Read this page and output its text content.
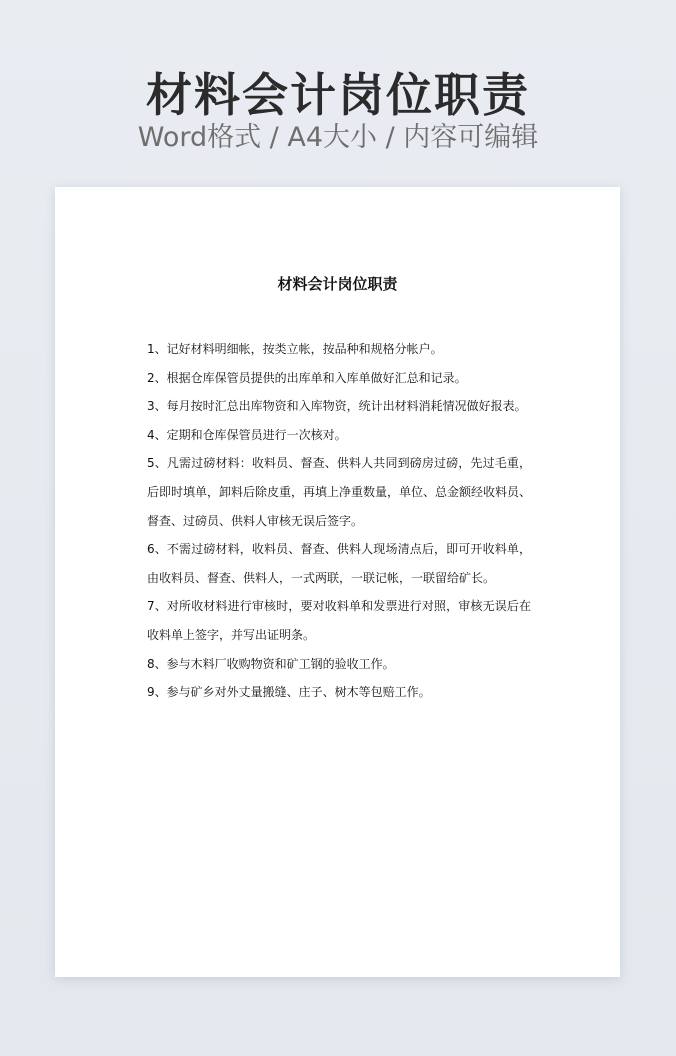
材料会计岗位职责
Word格式 / A4大小 / 内容可编辑
材料会计岗位职责
1、记好材料明细帐，按类立帐，按品种和规格分帐户。
2、根据仓库保管员提供的出库单和入库单做好汇总和记录。
3、每月按时汇总出库物资和入库物资，统计出材料消耗情况做好报表。
4、定期和仓库保管员进行一次核对。
5、凡需过磅材料：收料员、督查、供料人共同到磅房过磅，先过毛重，后即时填单，卸料后除皮重，再填上净重数量，单位、总金额经收料员、督查、过磅员、供料人审核无误后签字。
6、不需过磅材料，收料员、督查、供料人现场清点后，即可开收料单，由收料员、督查、供料人，一式两联，一联记帐，一联留给矿长。
7、对所收材料进行审核时，要对收料单和发票进行对照，审核无误后在收料单上签字，并写出证明条。
8、参与木料厂收购物资和矿工钢的验收工作。
9、参与矿乡对外丈量搬缝、庄子、树木等包赔工作。
